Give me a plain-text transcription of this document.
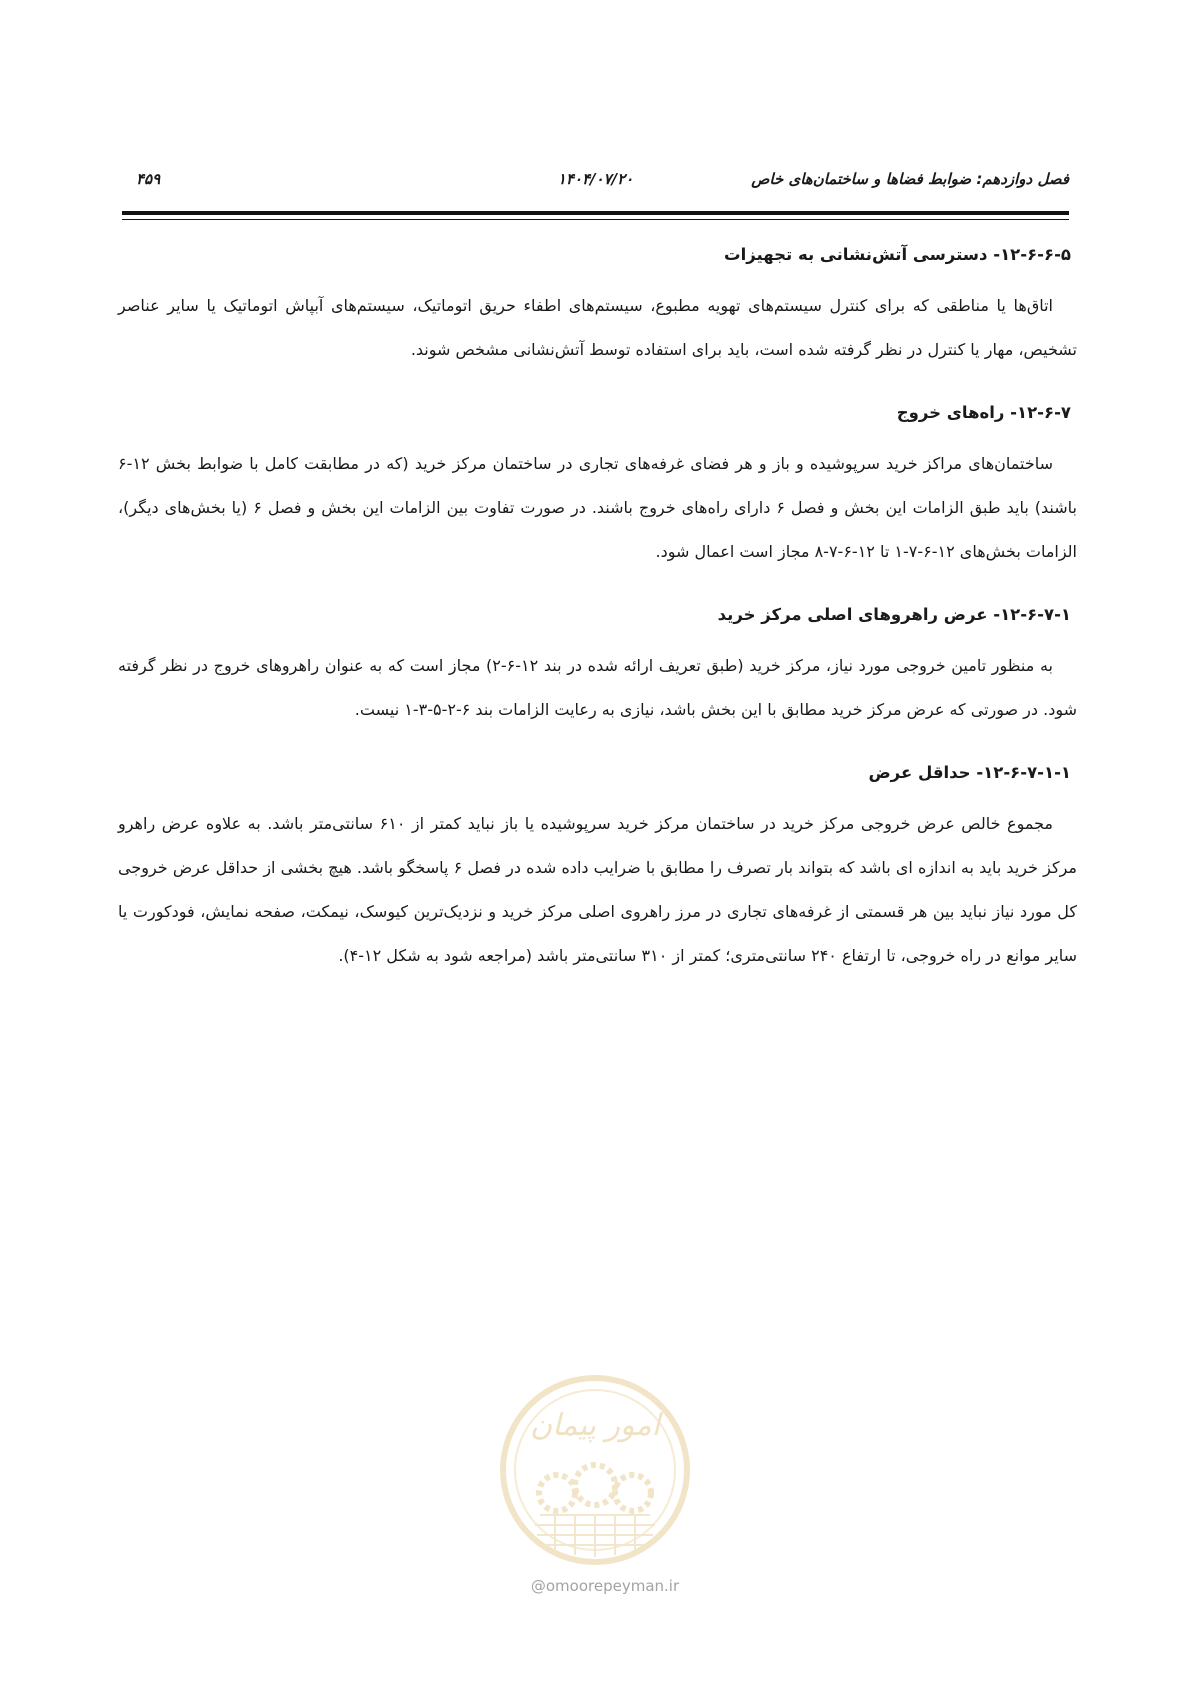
فصل دوازدهم: ضوابط فضاها و ساختمان‌های خاص
۱۴۰۴/۰۷/۲۰
۴۵۹
۱۲-۶-۶-۵- دسترسی آتش‌نشانی به تجهیزات

اتاق‌ها یا مناطقی که برای کنترل سیستم‌های تهویه مطبوع، سیستم‌های اطفاء حریق اتوماتیک، سیستم‌های آبپاش اتوماتیک یا سایر عناصر تشخیص، مهار یا کنترل در نظر گرفته شده است، باید برای استفاده توسط آتش‌نشانی مشخص شوند.

۱۲-۶-۷- راه‌های خروج

ساختمان‌های مراکز خرید سرپوشیده و باز و هر فضای غرفه‌های تجاری در ساختمان مرکز خرید (که در مطابقت کامل با ضوابط بخش ۱۲-۶ باشند) باید طبق الزامات این بخش و فصل ۶ دارای راه‌های خروج باشند. در صورت تفاوت بین الزامات این بخش و فصل ۶ (یا بخش‌های دیگر)، الزامات بخش‌های ۱۲-۶-۷-۱ تا ۱۲-۶-۷-۸ مجاز است اعمال شود.

۱۲-۶-۷-۱- عرض راهروهای اصلی مرکز خرید

به منظور تامین خروجی مورد نیاز، مرکز خرید (طبق تعریف ارائه شده در بند ۱۲-۶-۲) مجاز است که به عنوان راهروهای خروج در نظر گرفته شود. در صورتی که عرض مرکز خرید مطابق با این بخش باشد، نیازی به رعایت الزامات بند ۶-۲-۵-۳-۱ نیست.

۱۲-۶-۷-۱-۱- حداقل عرض

مجموع خالص عرض خروجی مرکز خرید در ساختمان مرکز خرید سرپوشیده یا باز نباید کمتر از ۶۱۰ سانتی‌متر باشد. به علاوه عرض راهرو مرکز خرید باید به اندازه ای باشد که بتواند بار تصرف را مطابق با ضرایب داده شده در فصل ۶ پاسخگو باشد. هیچ بخشی از حداقل عرض خروجی کل مورد نیاز نباید بین هر قسمتی از غرفه‌های تجاری در مرز راهروی اصلی مرکز خرید و نزدیک‌ترین کیوسک، نیمکت، صفحه نمایش، فودکورت یا سایر موانع در راه خروجی، تا ارتفاع ۲۴۰ سانتی‌متری؛ کمتر از ۳۱۰ سانتی‌متر باشد (مراجعه شود به شکل ۱۲-۴).

امور پیمان
@omoorepeyman.ir
